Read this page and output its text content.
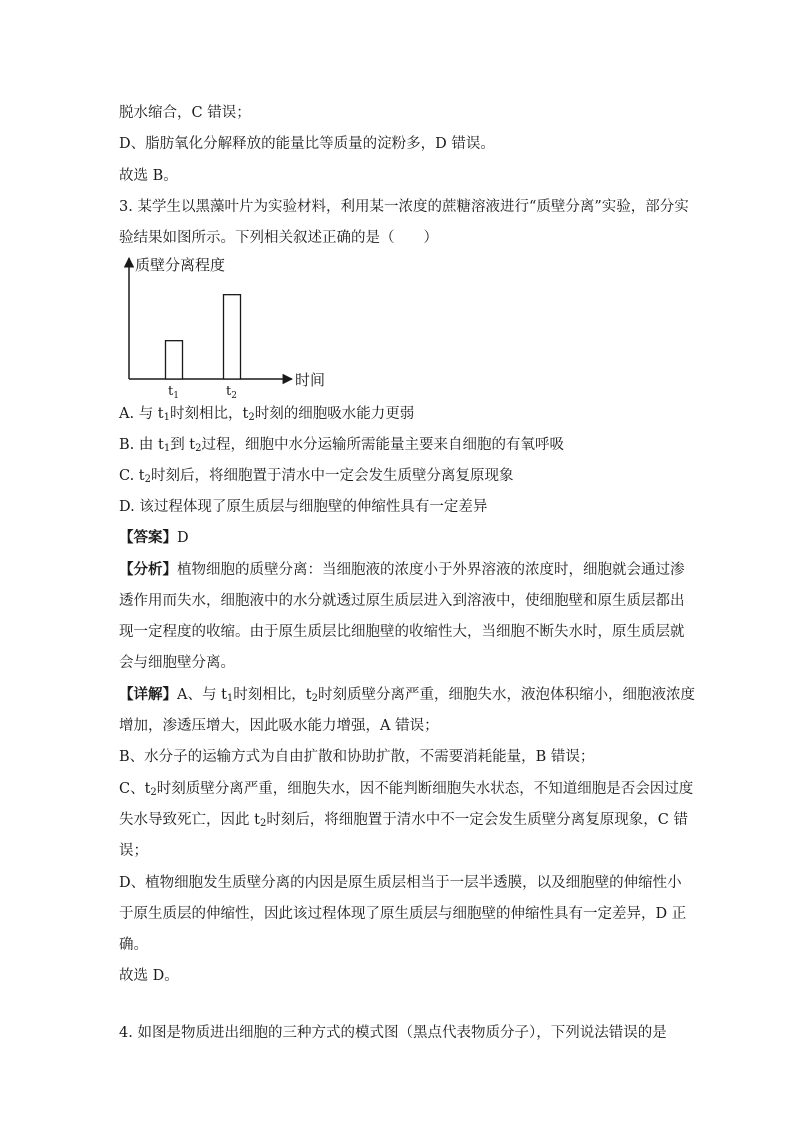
脱水缩合，C 错误；
D、脂肪氧化分解释放的能量比等质量的淀粉多，D 错误。
故选 B。
3. 某学生以黑藻叶片为实验材料，利用某一浓度的蔗糖溶液进行“质壁分离”实验，部分实
验结果如图所示。下列相关叙述正确的是（　　）
质壁分离程度
时间
$t_1$	$t_2$
A. 与 $t_1$时刻相比，$t_2$时刻的细胞吸水能力更弱
B. 由 $t_1$到 $t_2$过程，细胞中水分运输所需能量主要来自细胞的有氧呼吸
C. $t_2$时刻后，将细胞置于清水中一定会发生质壁分离复原现象
D. 该过程体现了原生质层与细胞壁的伸缩性具有一定差异
【答案】D
【分析】植物细胞的质壁分离：当细胞液的浓度小于外界溶液的浓度时，细胞就会通过渗
透作用而失水，细胞液中的水分就透过原生质层进入到溶液中，使细胞壁和原生质层都出
现一定程度的收缩。由于原生质层比细胞壁的收缩性大，当细胞不断失水时，原生质层就
会与细胞壁分离。
【详解】A、与 $t_1$时刻相比，$t_2$时刻质壁分离严重，细胞失水，液泡体积缩小，细胞液浓度
增加，渗透压增大，因此吸水能力增强，A 错误；
B、水分子的运输方式为自由扩散和协助扩散，不需要消耗能量，B 错误；
C、$t_2$时刻质壁分离严重，细胞失水，因不能判断细胞失水状态，不知道细胞是否会因过度
失水导致死亡，因此 $t_2$时刻后，将细胞置于清水中不一定会发生质壁分离复原现象，C 错
误；
D、植物细胞发生质壁分离的内因是原生质层相当于一层半透膜，以及细胞壁的伸缩性小
于原生质层的伸缩性，因此该过程体现了原生质层与细胞壁的伸缩性具有一定差异，D 正
确。
故选 D。
4. 如图是物质进出细胞的三种方式的模式图（黑点代表物质分子），下列说法错误的是
